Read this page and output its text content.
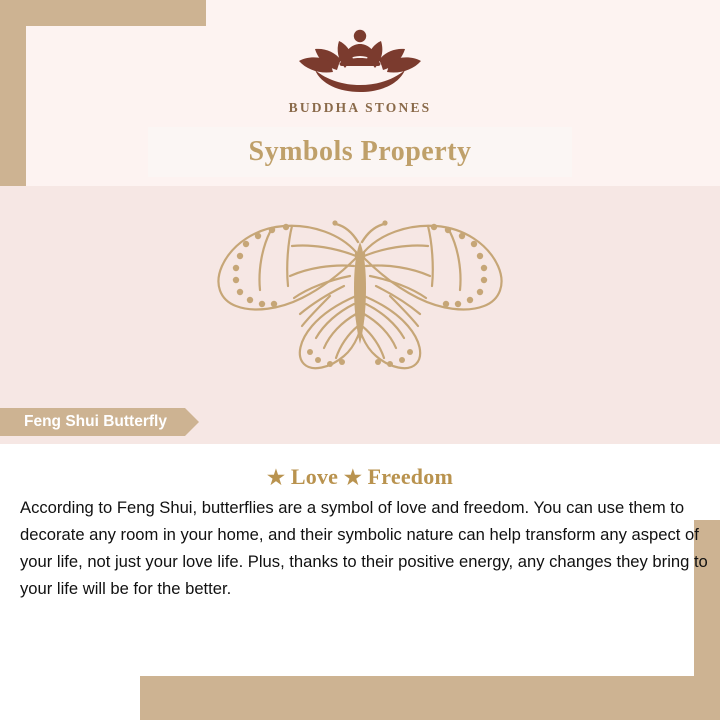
BUDDHA STONES
Symbols Property
Feng Shui Butterfly
★ Love ★ Freedom
According to Feng Shui, butterflies are a symbol of love and freedom. You can use them to decorate any room in your home, and their symbolic nature can help transform any aspect of your life, not just your love life. Plus, thanks to their positive energy, any changes they bring to your life will be for the better.
